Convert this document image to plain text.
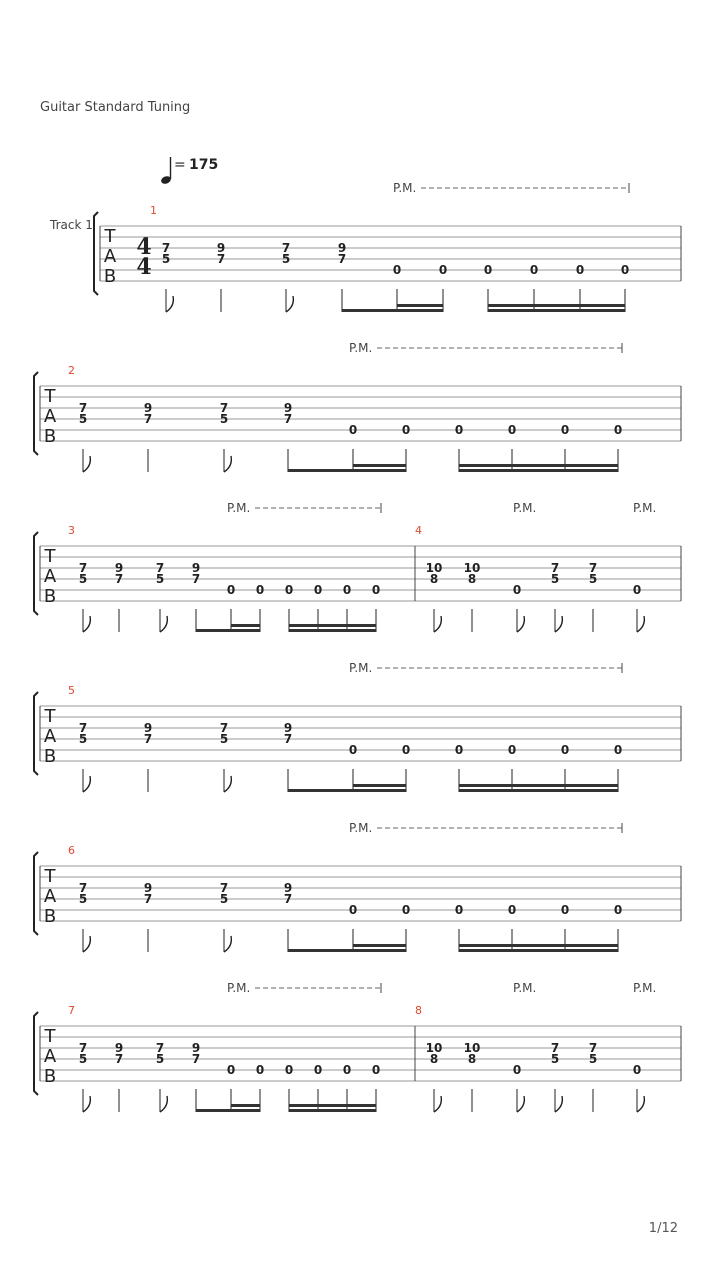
Guitar Standard Tuning
T
A
B
Track 1
4
4
= 175
P.M.
1
7
5
9
7
7
5
9
7
0	0	0	0	0	0
T
A
B
P.M.
2
7
5
9
7
7
5
9
7
0	0	0	0	0	0
T
A
B
P.M.	P.M.	P.M.
3
7
5
9
7
7
5
9
7
0 0 0 0 0 0
4
10
8
10
8
0
7
5
7
5
0
T
A
B
P.M.
5
7
5
9
7
7
5
9
7
0	0	0	0	0	0
T
A
B
P.M.
6
7
5
9
7
7
5
9
7
0	0	0	0	0	0
T
A
B
P.M.	P.M.	P.M.
7
7
5
9
7
7
5
9
7
0 0 0 0 0 0
8
10
8
10
8
0
7
5
7
5
0
1/12
